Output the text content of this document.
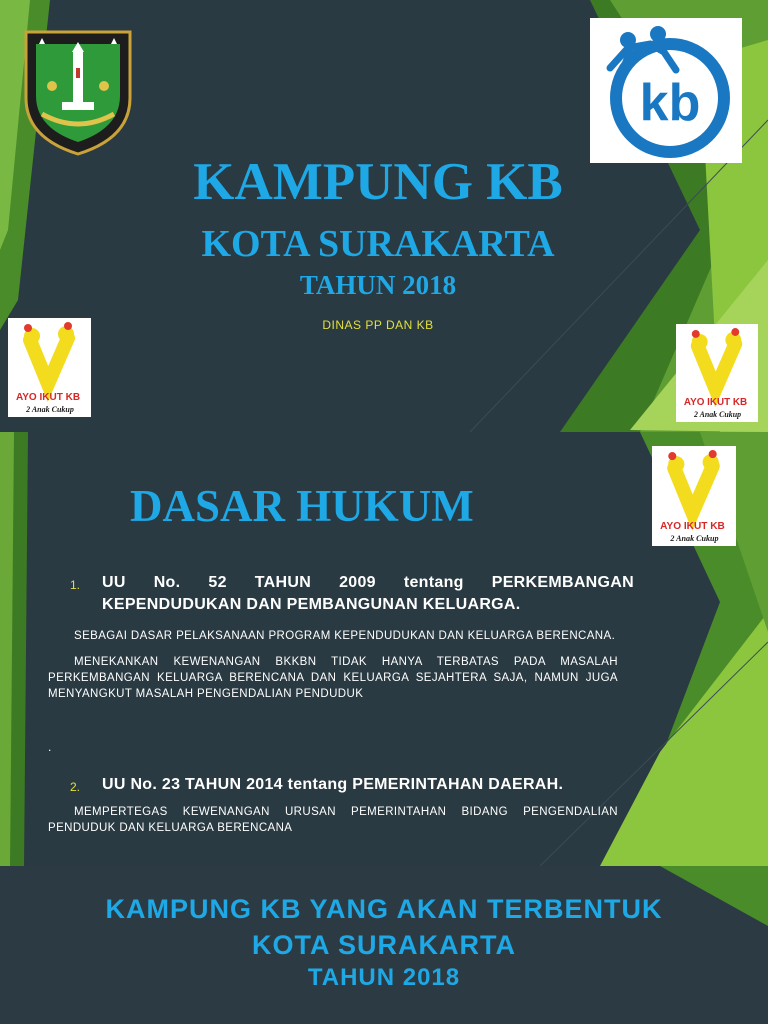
kb
KAMPUNG KB
KOTA SURAKARTA
TAHUN 2018
DINAS PP DAN KB
AYO IKUT KB
2 Anak Cukup
AYO IKUT KB
2 Anak Cukup
AYO IKUT KB
2 Anak Cukup
DASAR HUKUM
1. UU No. 52 TAHUN 2009 tentang PERKEMBANGAN KEPENDUDUKAN DAN PEMBANGUNAN KELUARGA.

SEBAGAI DASAR PELAKSANAAN PROGRAM KEPENDUDUKAN DAN KELUARGA BERENCANA.

MENEKANKAN KEWENANGAN BKKBN TIDAK HANYA TERBATAS PADA MASALAH PERKEMBANGAN KELUARGA BERENCANA DAN KELUARGA SEJAHTERA SAJA, NAMUN JUGA MENYANGKUT MASALAH PENGENDALIAN PENDUDUK

.
2. UU No. 23 TAHUN 2014 tentang PEMERINTAHAN DAERAH.

MEMPERTEGAS KEWENANGAN URUSAN PEMERINTAHAN BIDANG PENGENDALIAN PENDUDUK DAN KELUARGA BERENCANA

KAMPUNG KB YANG AKAN TERBENTUK
KOTA SURAKARTA
TAHUN 2018
